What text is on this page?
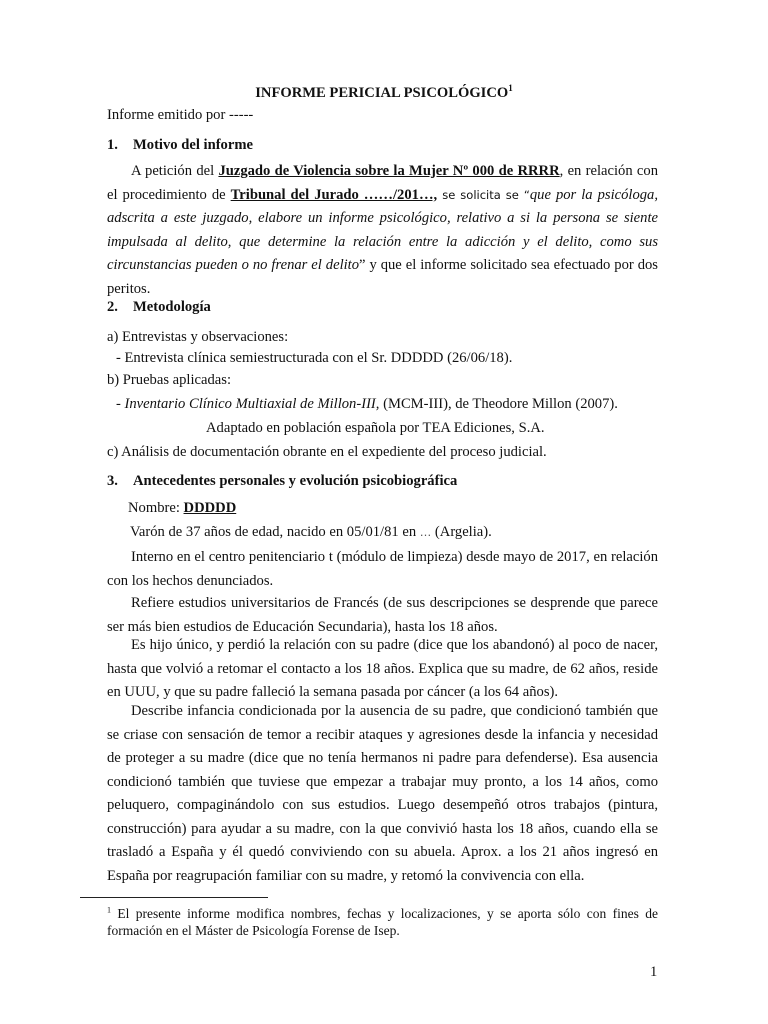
INFORME PERICIAL PSICOLÓGICO$^1$
Informe emitido por -----
1. Motivo del informe
A petición del Juzgado de Violencia sobre la Mujer Nº 000 de RRRR, en relación con el procedimiento de Tribunal del Jurado ……/201…, se solicita se “que por la psicóloga, adscrita a este juzgado, elabore un informe psicológico, relativo a si la persona se siente impulsada al delito, que determine la relación entre la adicción y el delito, como sus circunstancias pueden o no frenar el delito” y que el informe solicitado sea efectuado por dos peritos.
2. Metodología
a) Entrevistas y observaciones:
- Entrevista clínica semiestructurada con el Sr. DDDDD (26/06/18).
b) Pruebas aplicadas:
- Inventario Clínico Multiaxial de Millon-III, (MCM-III), de Theodore Millon (2007).
Adaptado en población española por TEA Ediciones, S.A.
c) Análisis de documentación obrante en el expediente del proceso judicial.
3. Antecedentes personales y evolución psicobiográfica
Nombre: DDDDD
Varón de 37 años de edad, nacido en 05/01/81 en … (Argelia).
Interno en el centro penitenciario t (módulo de limpieza) desde mayo de 2017, en relación con los hechos denunciados.
Refiere estudios universitarios de Francés (de sus descripciones se desprende que parece ser más bien estudios de Educación Secundaria), hasta los 18 años.
Es hijo único, y perdió la relación con su padre (dice que los abandonó) al poco de nacer, hasta que volvió a retomar el contacto a los 18 años. Explica que su madre, de 62 años, reside en UUU, y que su padre falleció la semana pasada por cáncer (a los 64 años).
Describe infancia condicionada por la ausencia de su padre, que condicionó también que se criase con sensación de temor a recibir ataques y agresiones desde la infancia y necesidad de proteger a su madre (dice que no tenía hermanos ni padre para defenderse). Esa ausencia condicionó también que tuviese que empezar a trabajar muy pronto, a los 14 años, como peluquero, compaginándolo con sus estudios. Luego desempeñó otros trabajos (pintura, construcción) para ayudar a su madre, con la que convivió hasta los 18 años, cuando ella se trasladó a España y él quedó conviviendo con su abuela. Aprox. a los 21 años ingresó en España por reagrupación familiar con su madre, y retomó la convivencia con ella.
$^1$ El presente informe modifica nombres, fechas y localizaciones, y se aporta sólo con fines de formación en el Máster de Psicología Forense de Isep.
1
